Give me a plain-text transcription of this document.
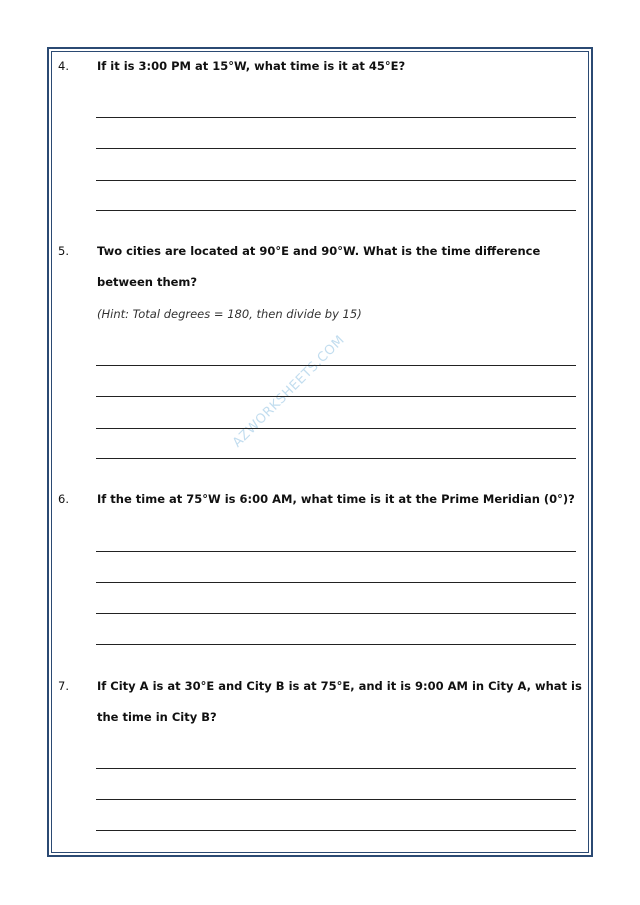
AZWORKSHEETS.COM
4. If it is 3:00 PM at 15°W, what time is it at 45°E?
5. Two cities are located at 90°E and 90°W. What is the time difference
between them?
(Hint: Total degrees = 180, then divide by 15)
6. If the time at 75°W is 6:00 AM, what time is it at the Prime Meridian (0°)?
7. If City A is at 30°E and City B is at 75°E, and it is 9:00 AM in City A, what is
the time in City B?
